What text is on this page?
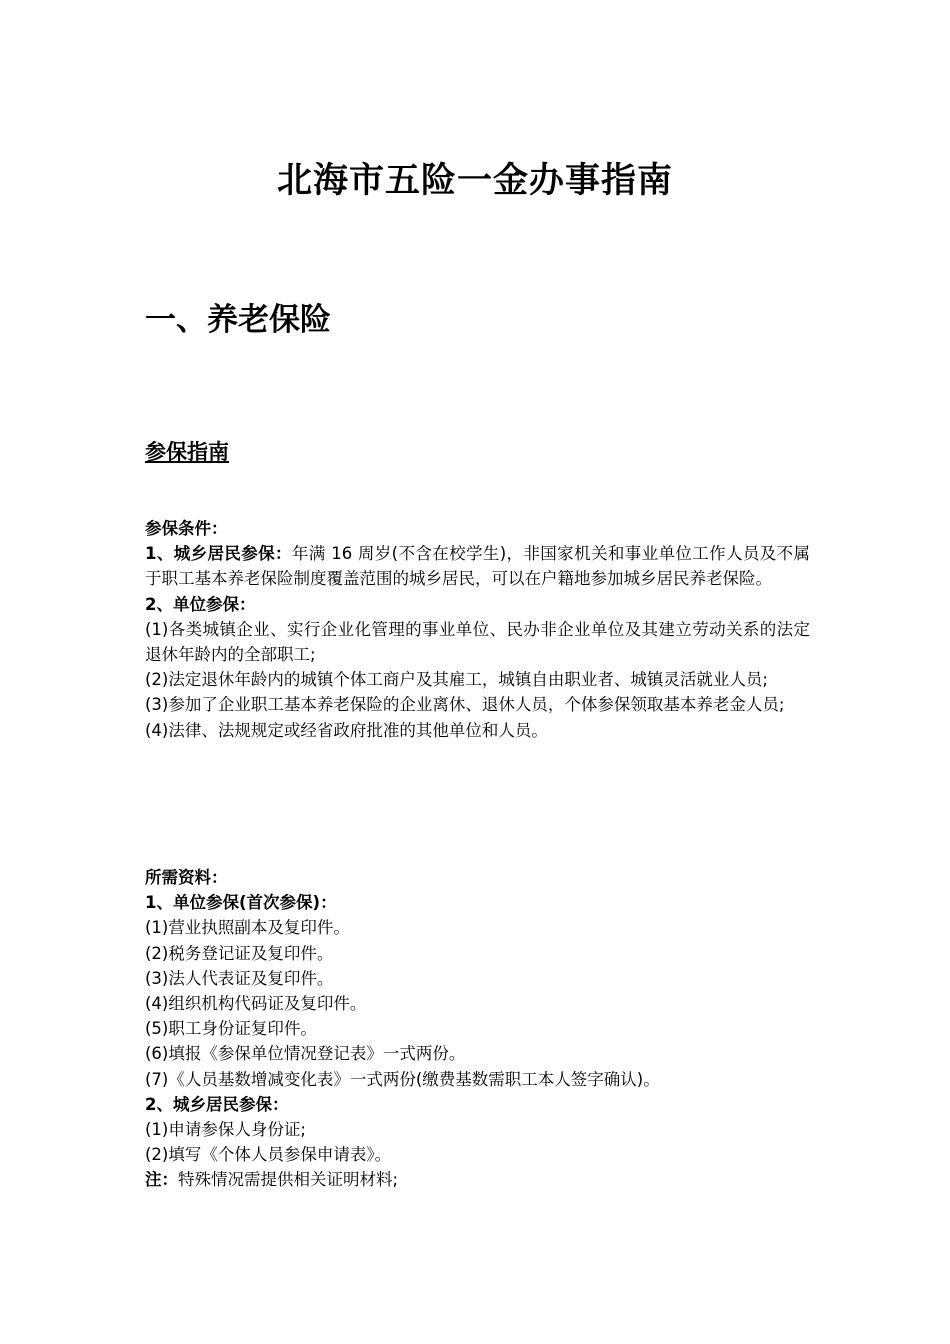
北海市五险一金办事指南
一、养老保险
参保指南

参保条件：

1、城乡居民参保：年满 16 周岁(不含在校学生)，非国家机关和事业单位工作人员及不属于职工基本养老保险制度覆盖范围的城乡居民，可以在户籍地参加城乡居民养老保险。

2、单位参保：

(1)各类城镇企业、实行企业化管理的事业单位、民办非企业单位及其建立劳动关系的法定退休年龄内的全部职工;

(2)法定退休年龄内的城镇个体工商户及其雇工，城镇自由职业者、城镇灵活就业人员;

(3)参加了企业职工基本养老保险的企业离休、退休人员，个体参保领取基本养老金人员;

(4)法律、法规规定或经省政府批准的其他单位和人员。

所需资料：

1、单位参保(首次参保)：

(1)营业执照副本及复印件。

(2)税务登记证及复印件。

(3)法人代表证及复印件。

(4)组织机构代码证及复印件。

(5)职工身份证复印件。

(6)填报《参保单位情况登记表》一式两份。

(7)《人员基数增减变化表》一式两份(缴费基数需职工本人签字确认)。

2、城乡居民参保：

(1)申请参保人身份证;

(2)填写《个体人员参保申请表》。

注：特殊情况需提供相关证明材料;
